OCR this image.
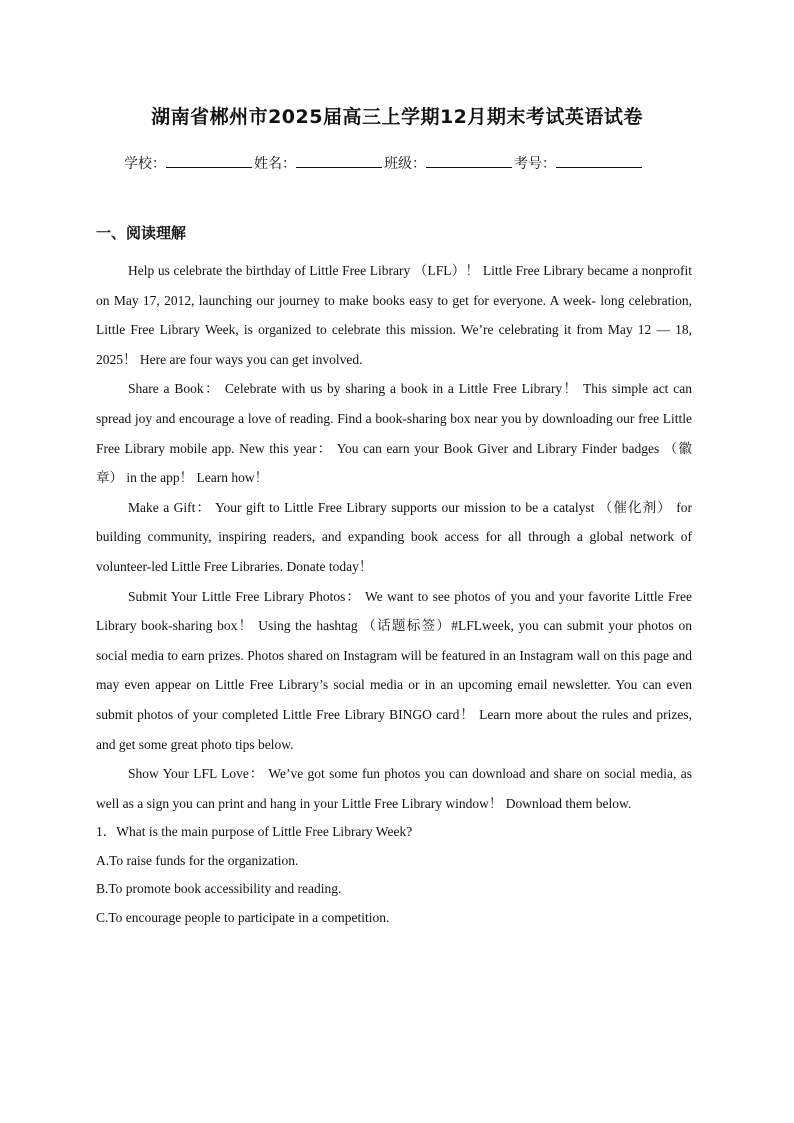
湖南省郴州市2025届高三上学期12月期末考试英语试卷
学校：	姓名：	班级：	考号：
一、阅读理解

Help us celebrate the birthday of Little Free Library （LFL）！ Little Free Library became a nonprofit on May 17, 2012, launching our journey to make books easy to get for everyone. A week- long celebration, Little Free Library Week, is organized to celebrate this mission. We’re celebrating it from May 12 — 18, 2025！ Here are four ways you can get involved.

Share a Book： Celebrate with us by sharing a book in a Little Free Library！ This simple act can spread joy and encourage a love of reading. Find a book-sharing box near you by downloading our free Little Free Library mobile app. New this year： You can earn your Book Giver and Library Finder badges （徽章） in the app！ Learn how！

Make a Gift： Your gift to Little Free Library supports our mission to be a catalyst （催化剂） for building community, inspiring readers, and expanding book access for all through a global network of volunteer-led Little Free Libraries. Donate today！

Submit Your Little Free Library Photos： We want to see photos of you and your favorite Little Free Library book-sharing box！ Using the hashtag （话题标签）#LFLweek, you can submit your photos on social media to earn prizes. Photos shared on Instagram will be featured in an Instagram wall on this page and may even appear on Little Free Library’s social media or in an upcoming email newsletter. You can even submit photos of your completed Little Free Library BINGO card！ Learn more about the rules and prizes, and get some great photo tips below.

Show Your LFL Love： We’ve got some fun photos you can download and share on social media, as well as a sign you can print and hang in your Little Free Library window！ Download them below.

1．What is the main purpose of Little Free Library Week?

A.To raise funds for the organization.

B.To promote book accessibility and reading.

C.To encourage people to participate in a competition.
